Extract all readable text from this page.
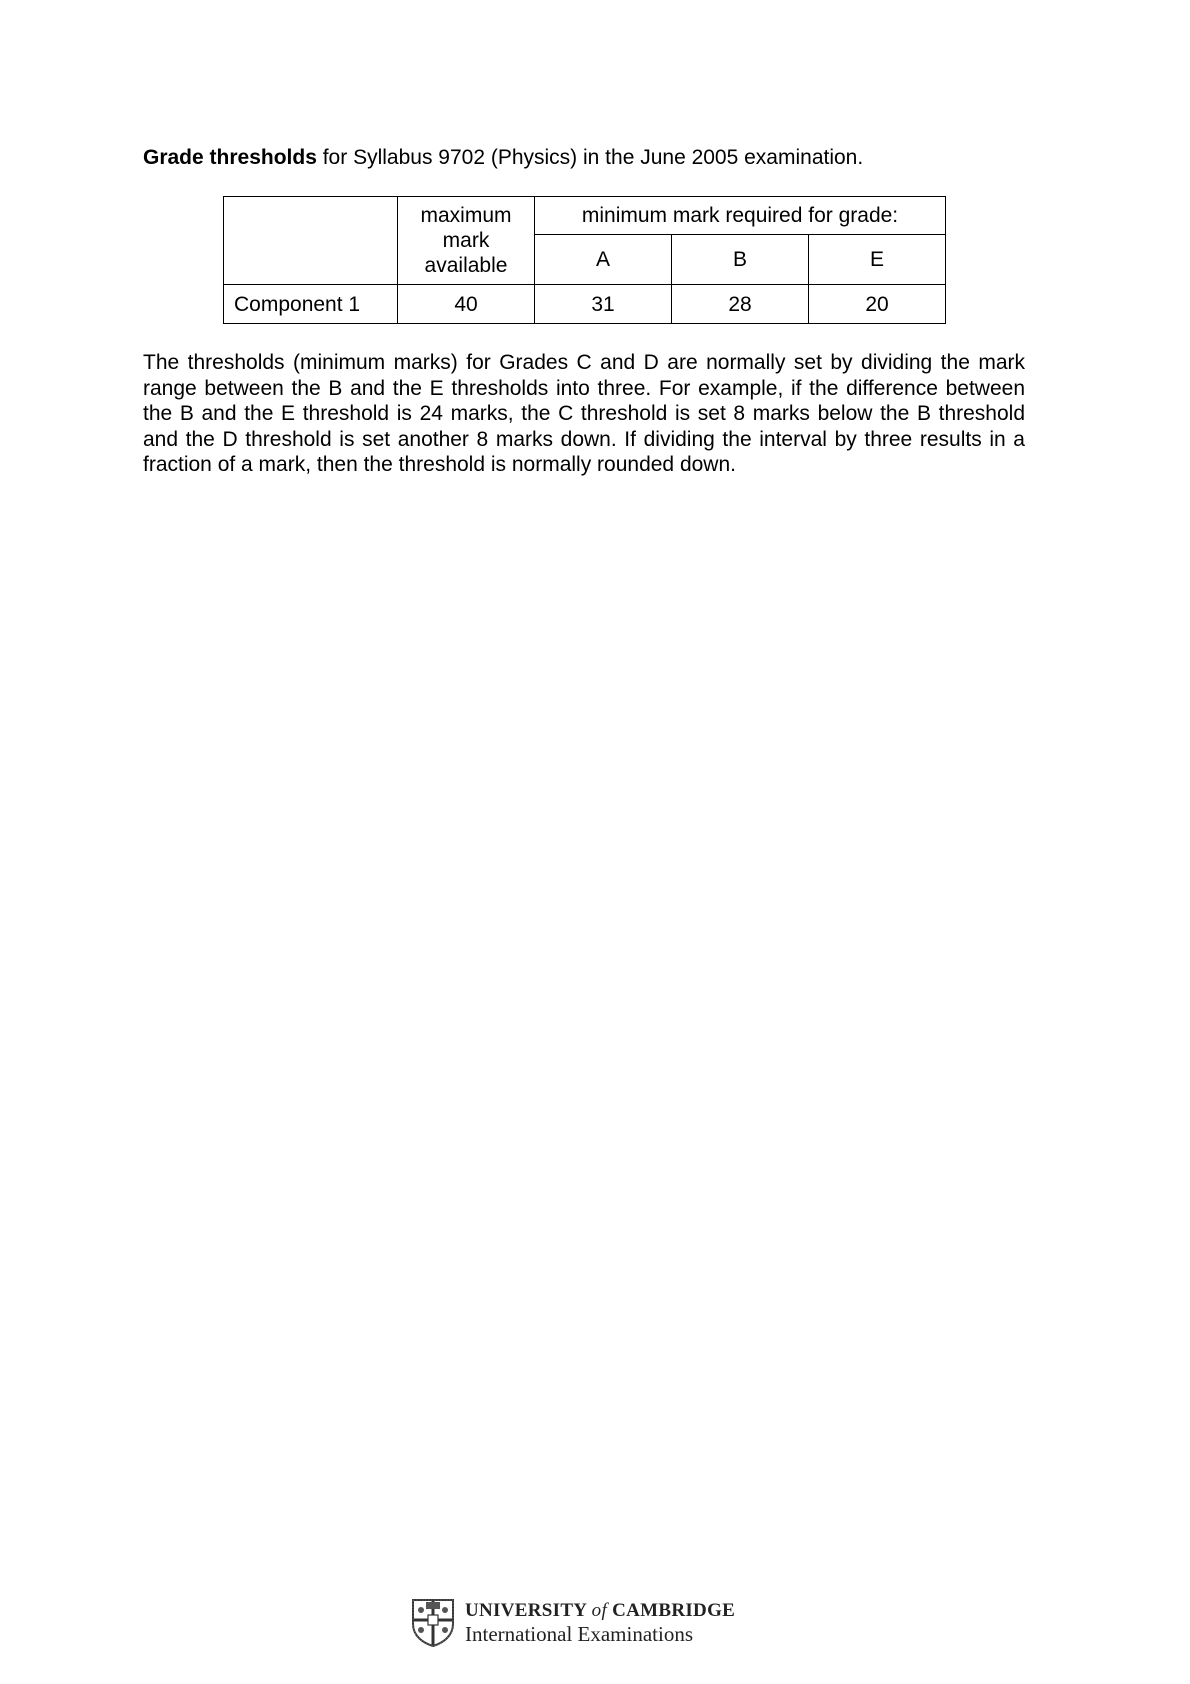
Grade thresholds for Syllabus 9702 (Physics) in the June 2005 examination.

	maximum
mark
available	minimum mark required for grade:		
		A	B	E
Component 1	40	31	28	20

The thresholds (minimum marks) for Grades C and D are normally set by dividing the mark range between the B and the E thresholds into three. For example, if the difference between the B and the E threshold is 24 marks, the C threshold is set 8 marks below the B threshold and the D threshold is set another 8 marks down. If dividing the interval by three results in a fraction of a mark, then the threshold is normally rounded down.

UNIVERSITY of CAMBRIDGE
International Examinations
